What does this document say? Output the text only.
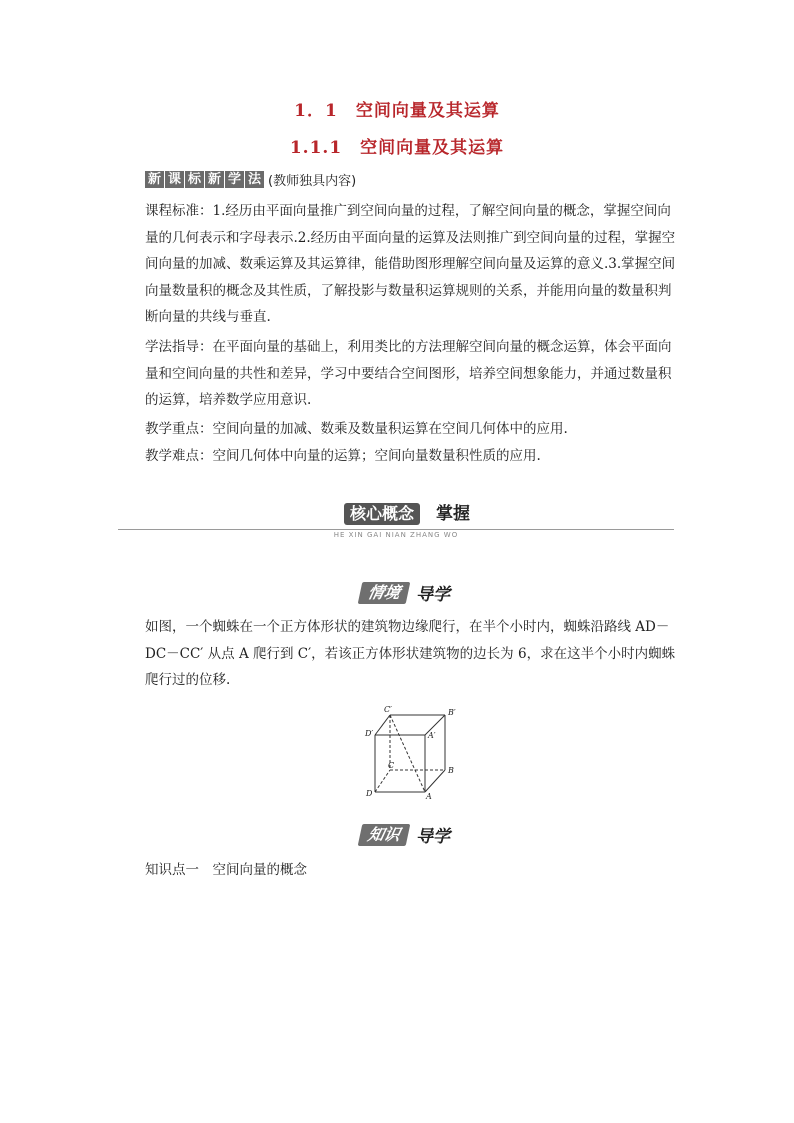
1．1　空间向量及其运算
1.1.1　空间向量及其运算
新 课 标 新 学 法 (教师独具内容)

课程标准：1.经历由平面向量推广到空间向量的过程，了解空间向量的概念，掌握空间向量的几何表示和字母表示.2.经历由平面向量的运算及法则推广到空间向量的过程，掌握空间向量的加减、数乘运算及其运算律，能借助图形理解空间向量及运算的意义.3.掌握空间向量数量积的概念及其性质，了解投影与数量积运算规则的关系，并能用向量的数量积判断向量的共线与垂直.

学法指导：在平面向量的基础上，利用类比的方法理解空间向量的概念运算，体会平面向量和空间向量的共性和差异，学习中要结合空间图形，培养空间想象能力，并通过数量积的运算，培养数学应用意识.

教学重点：空间向量的加减、数乘及数量积运算在空间几何体中的应用.

教学难点：空间几何体中向量的运算；空间向量数量积性质的应用.

核心概念	掌握
HE XIN GAI NIAN ZHANG WO
情境 导学

如图，一个蜘蛛在一个正方体形状的建筑物边缘爬行，在半个小时内，蜘蛛沿路线 AD－DC－CC′ 从点 A 爬行到 C′，若该正方体形状建筑物的边长为 6，求在这半个小时内蜘蛛爬行过的位移.

C′	B′
D′	A′
C
B
D	A
知识 导学
知识点一　空间向量的概念
